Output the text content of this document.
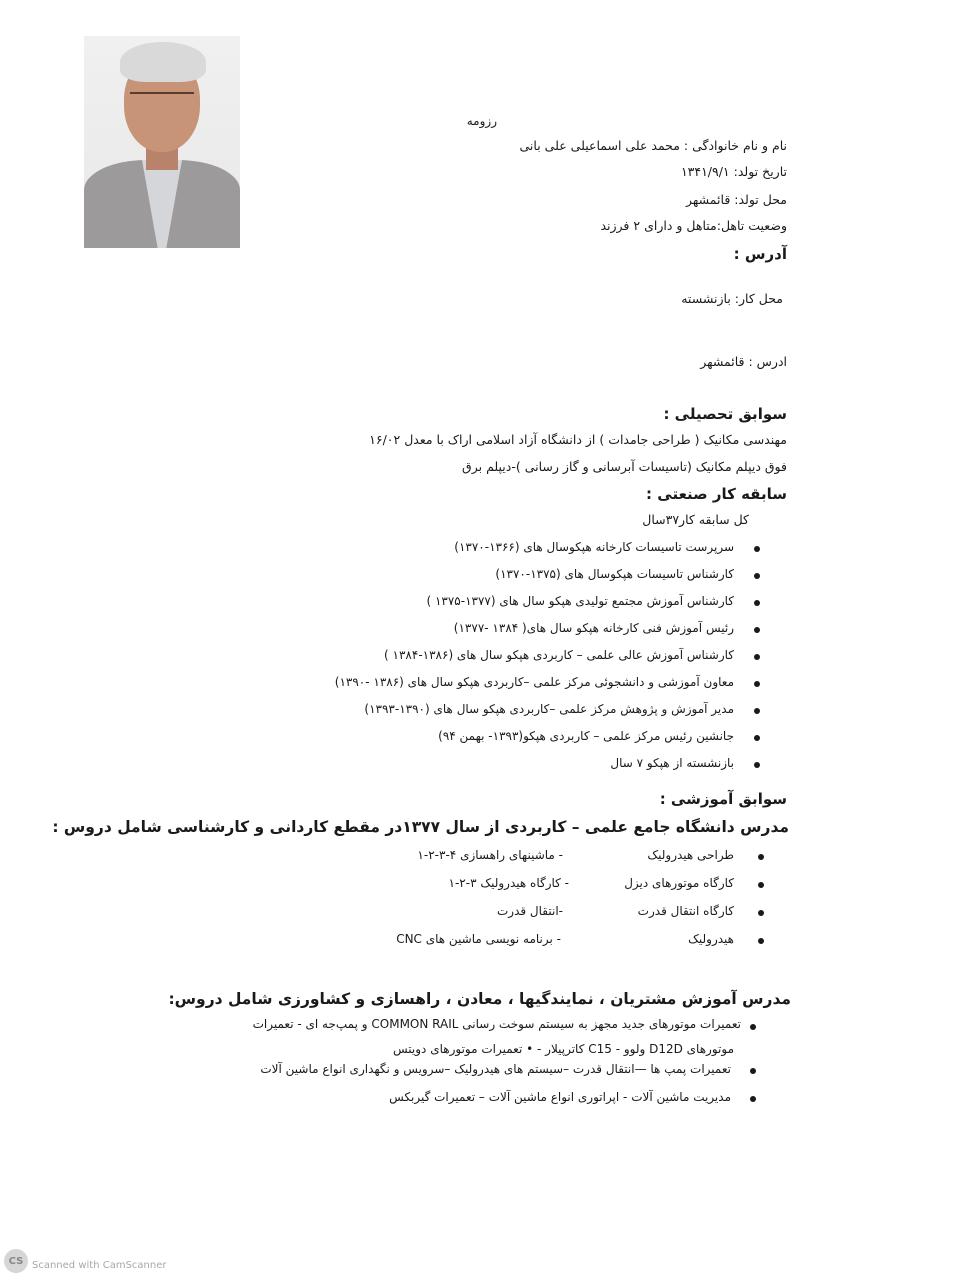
رزومه
نام و نام خانوادگی : محمد علی اسماعیلی علی بانی
تاریخ تولد: ۱۳۴۱/۹/۱
محل تولد: قائمشهر
وضعیت تاهل:متاهل و دارای ۲ فرزند
آدرس :
محل کار: بازنشسته
ادرس : قائمشهر
سوابق تحصیلی :
مهندسی مکانیک ( طراحی جامدات ) از دانشگاه آزاد اسلامی اراک با معدل ۱۶/۰۲
فوق دیپلم مکانیک (تاسیسات آبرسانی و گاز رسانی )-دیپلم برق
سابقه کار صنعتی :
کل سابقه کار۳۷سال
سرپرست تاسیسات کارخانه هپکوسال های (۱۳۶۶-۱۳۷۰)
کارشناس تاسیسات هپکوسال های (۱۳۷۵-۱۳۷۰)
کارشناس آموزش مجتمع تولیدی هپکو سال های (۱۳۷۷-۱۳۷۵ )
رئیس آموزش فنی کارخانه هپکو سال های( ۱۳۸۴ -۱۳۷۷)
کارشناس آموزش عالی علمی – کاربردی هپکو سال های (۱۳۸۶-۱۳۸۴ )
معاون آموزشی و دانشجوئی مرکز علمی –کاربردی هپکو سال های (۱۳۸۶ -۱۳۹۰)
مدیر آموزش و پژوهش مرکز علمی –کاربردی هپکو سال های (۱۳۹۰-۱۳۹۳)
جانشین رئیس مرکز علمی – کاربردی هپکو(۱۳۹۳- بهمن ۹۴)
بازنشسته از هپکو ۷ سال
سوابق آموزشی :
مدرس دانشگاه جامع علمی – کاربردی از سال ۱۳۷۷در مقطع کاردانی و کارشناسی شامل دروس :
طراحی هیدرولیک
- ماشینهای راهسازی ۴-۳-۲-۱
کارگاه موتورهای دیزل
- کارگاه هیدرولیک ۳-۲-۱
کارگاه انتقال قدرت
-انتقال قدرت
هیدرولیک
- برنامه نویسی ماشین های CNC
مدرس آموزش مشتریان ، نمایندگیها ، معادن ، راهسازی و کشاورزی شامل دروس:
تعمیرات موتورهای جدید مجهز به سیستم سوخت رسانی COMMON RAIL و پمپ‌جه ای - تعمیرات
موتورهای D12D ولوو - C15 کاترپیلار - • تعمیرات موتورهای دویتس
تعمیرات پمپ ها —انتقال قدرت –سیستم های هیدرولیک –سرویس و نگهداری انواع ماشین آلات
مدیریت ماشین آلات - اپراتوری انواع ماشین آلات – تعمیرات گیربکس
CS Scanned with CamScanner
